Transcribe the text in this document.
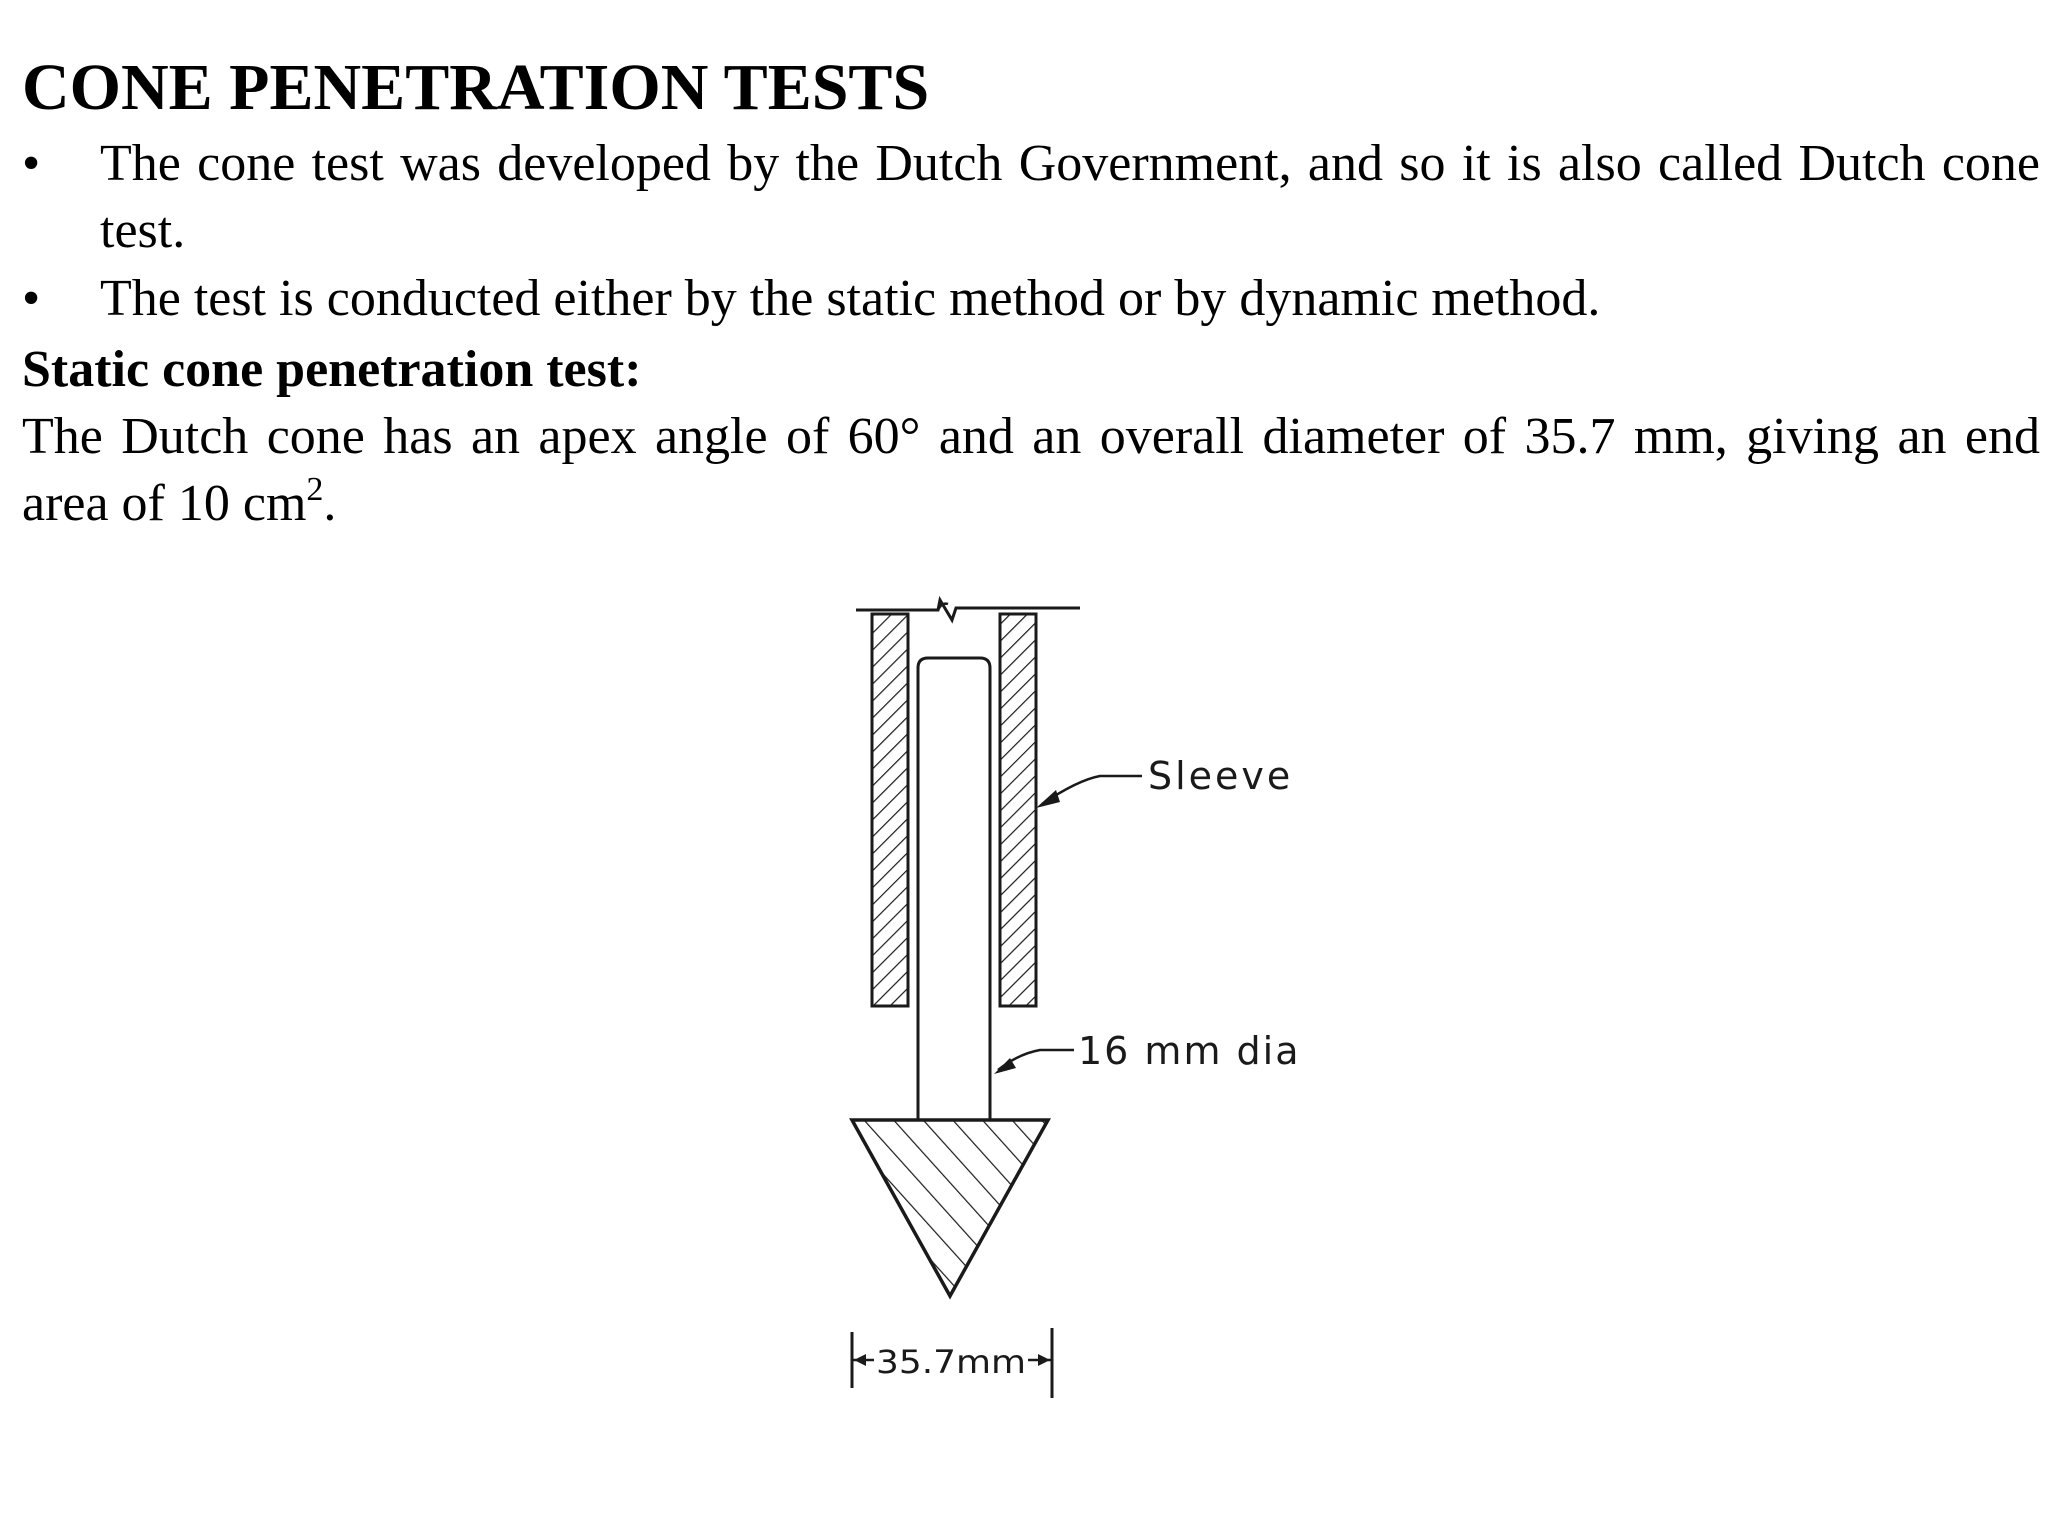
CONE PENETRATION TESTS
•	The cone test was developed by the Dutch Government, and so it is also called Dutch cone test.
•	The test is conducted either by the static method or by dynamic method.
Static cone penetration test:

The Dutch cone has an apex angle of 60° and an overall diameter of 35.7 mm, giving an end area of 10 $cm^2$.

Sleeve
16 mm dia
35.7mm
